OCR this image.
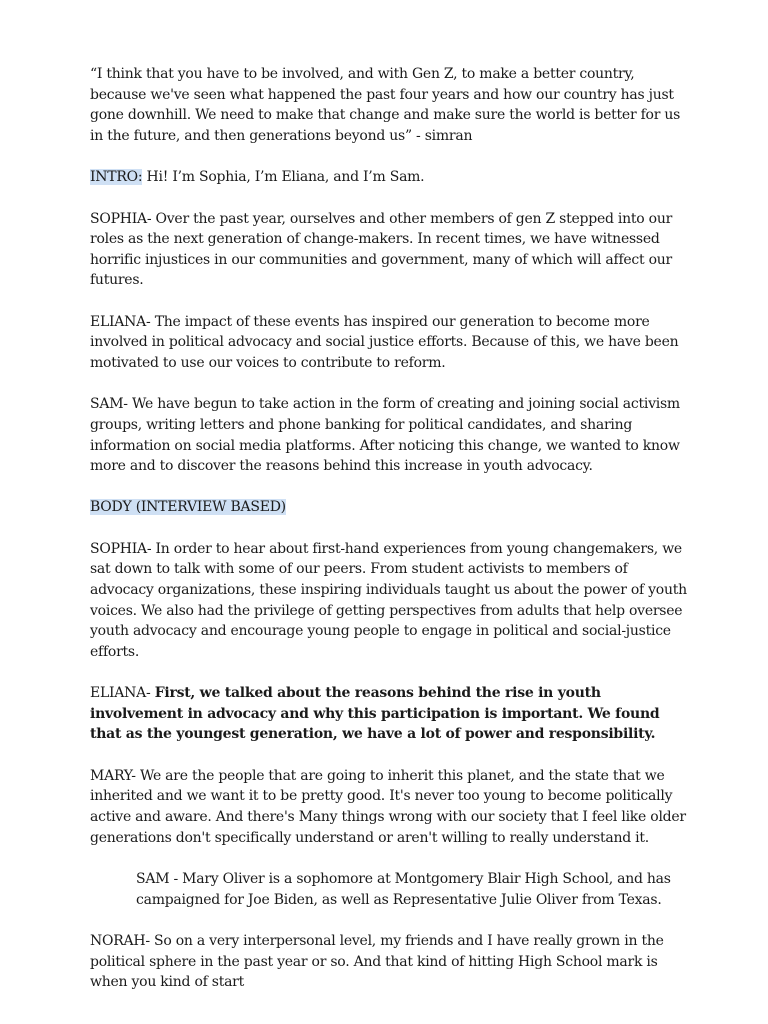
“I think that you have to be involved, and with Gen Z, to make a better country, because we've seen what happened the past four years and how our country has just gone downhill. We need to make that change and make sure the world is better for us in the future, and then generations beyond us” - simran

INTRO: Hi! I’m Sophia, I’m Eliana, and I’m Sam.

SOPHIA- Over the past year, ourselves and other members of gen Z stepped into our roles as the next generation of change-makers. In recent times, we have witnessed horrific injustices in our communities and government, many of which will affect our futures.

ELIANA- The impact of these events has inspired our generation to become more involved in political advocacy and social justice efforts. Because of this, we have been motivated to use our voices to contribute to reform.

SAM- We have begun to take action in the form of creating and joining social activism groups, writing letters and phone banking for political candidates, and sharing information on social media platforms. After noticing this change, we wanted to know more and to discover the reasons behind this increase in youth advocacy.

BODY (INTERVIEW BASED)

SOPHIA- In order to hear about first-hand experiences from young changemakers, we sat down to talk with some of our peers. From student activists to members of advocacy organizations, these inspiring individuals taught us about the power of youth voices. We also had the privilege of getting perspectives from adults that help oversee youth advocacy and encourage young people to engage in political and social-justice efforts.

ELIANA- First, we talked about the reasons behind the rise in youth involvement in advocacy and why this participation is important. We found that as the youngest generation, we have a lot of power and responsibility.

MARY- We are the people that are going to inherit this planet, and the state that we inherited and we want it to be pretty good. It's never too young to become politically active and aware. And there's Many things wrong with our society that I feel like older generations don't specifically understand or aren't willing to really understand it.

SAM - Mary Oliver is a sophomore at Montgomery Blair High School, and has campaigned for Joe Biden, as well as Representative Julie Oliver from Texas.

NORAH- So on a very interpersonal level, my friends and I have really grown in the political sphere in the past year or so. And that kind of hitting High School mark is when you kind of start
